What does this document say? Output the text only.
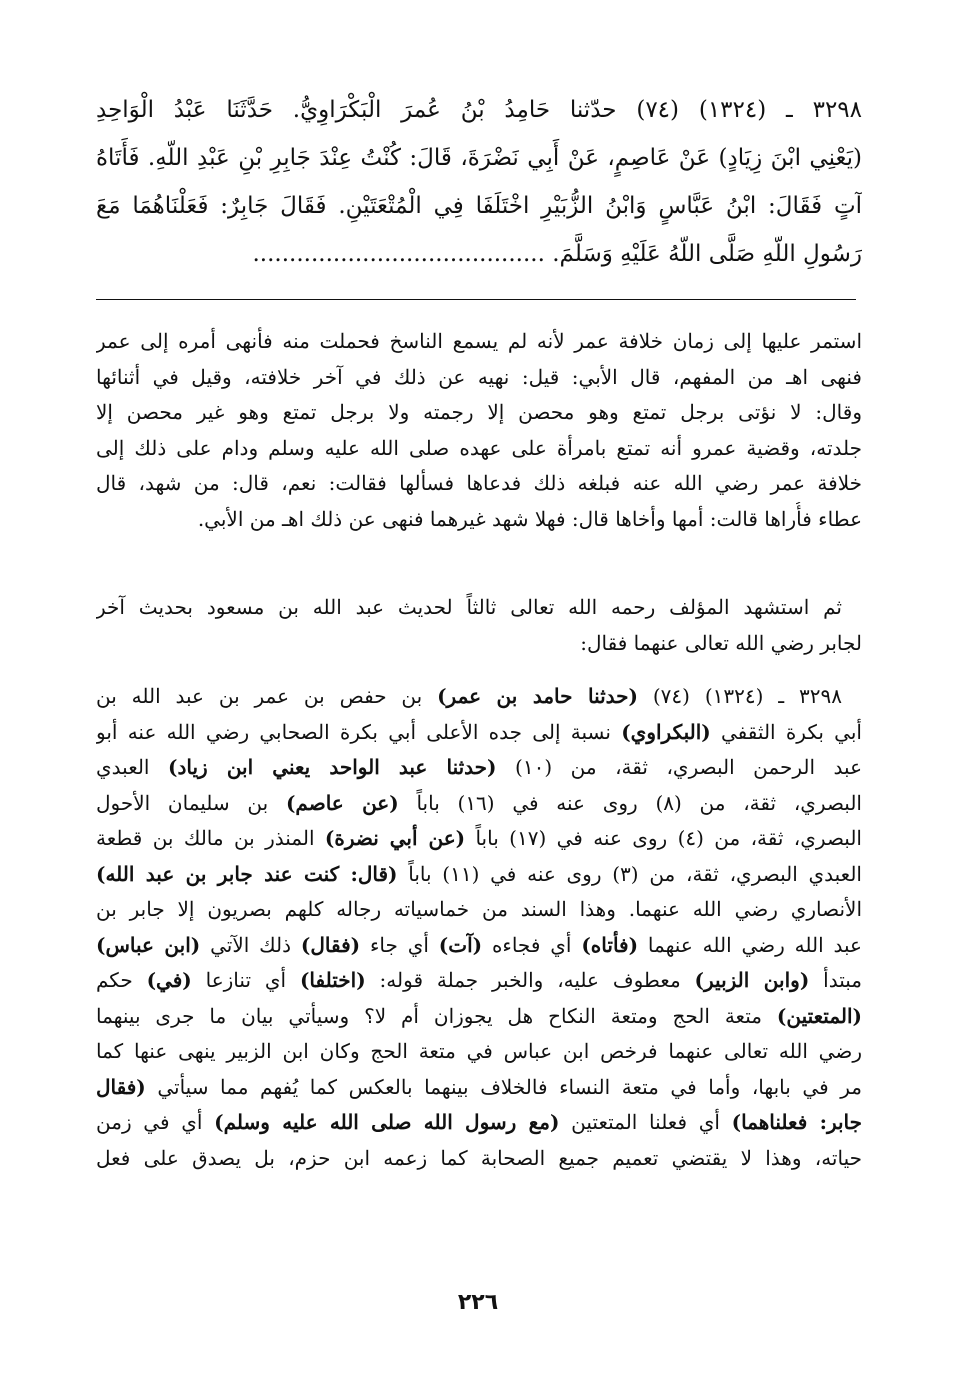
٣٢٩٨ ـ (١٣٢٤) (٧٤) حدّثنا حَامِدُ بْنُ عُمرَ الْبَكْرَاوِيُّ. حَدَّثَنَا عَبْدُ الْوَاحِدِ
(يَعْنِي ابْنَ زِيَادٍ) عَنْ عَاصِمٍ، عَنْ أَبِي نَضْرَةَ، قَالَ: كُنْتُ عِنْدَ جَابِرِ بْنِ عَبْدِ اللّهِ. فَأَتَاهُ
آتٍ فَقَالَ: ابْنُ عَبَّاسٍ وَابْنُ الزُّبَيْرِ اخْتَلَفَا فِي الْمُتْعَتَيْنِ. فَقَالَ جَابِرٌ: فَعَلْنَاهُمَا مَعَ
رَسُولِ اللّهِ صَلَّى اللّهُ عَلَيْهِ وَسَلَّمَ. ........................................
استمر عليها إلى زمان خلافة عمر لأنه لم يسمع الناسخ فحملت منه فأنهى أمره إلى عمر
فنهى اهـ من المفهم، قال الأبي: قيل: نهيه عن ذلك في آخر خلافته، وقيل في أثنائها
وقال: لا نؤتى برجل تمتع وهو محصن إلا رجمته ولا برجل تمتع وهو غير محصن إلا
جلدته، وقضية عمرو أنه تمتع بامرأة على عهده صلى الله عليه وسلم ودام على ذلك إلى
خلافة عمر رضي الله عنه فبلغه ذلك فدعاها فسألها فقالت: نعم، قال: من شهد، قال
عطاء فأُراها قالت: أمها وأخاها قال: فهلا شهد غيرهما فنهى عن ذلك اهـ من الأبي.
ثم استشهد المؤلف رحمه الله تعالى ثالثاً لحديث عبد الله بن مسعود بحديث آخر
لجابر رضي الله تعالى عنهما فقال:
٣٢٩٨ ـ (١٣٢٤) (٧٤) (حدثنا حامد بن عمر) بن حفص بن عمر بن عبد الله بن
أبي بكرة الثقفي (البكراوي) نسبة إلى جده الأعلى أبي بكرة الصحابي رضي الله عنه أبو
عبد الرحمن البصري، ثقة، من (١٠) (حدثنا عبد الواحد يعني ابن زياد) العبدي
البصري، ثقة، من (٨) روى عنه في (١٦) باباً (عن عاصم) بن سليمان الأحول
البصري، ثقة، من (٤) روى عنه في (١٧) باباً (عن أبي نضرة) المنذر بن مالك بن قطعة
العبدي البصري، ثقة، من (٣) روى عنه في (١١) باباً (قال: كنت عند جابر بن عبد الله)
الأنصاري رضي الله عنهما. وهذا السند من خماسياته رجاله كلهم بصريون إلا جابر بن
عبد الله رضي الله عنهما (فأتاه) أي فجاءه (آت) أي جاء (فقال) ذلك الآتي (ابن عباس)
مبتدأ (وابن الزبير) معطوف عليه، والخبر جملة قوله: (اختلفا) أي تنازعا (في) حكم
(المتعتين) متعة الحج ومتعة النكاح هل يجوزان أم لا؟ وسيأتي بيان ما جرى بينهما
رضي الله تعالى عنهما فرخص ابن عباس في متعة الحج وكان ابن الزبير ينهى عنها كما
مر في بابها، وأما في متعة النساء فالخلاف بينهما بالعكس كما يُفهم مما سيأتي (فقال
جابر: فعلناهما) أي فعلنا المتعتين (مع رسول الله صلى الله عليه وسلم) أي في زمن
حياته، وهذا لا يقتضي تعميم جميع الصحابة كما زعمه ابن حزم، بل يصدق على فعل
٢٢٦
